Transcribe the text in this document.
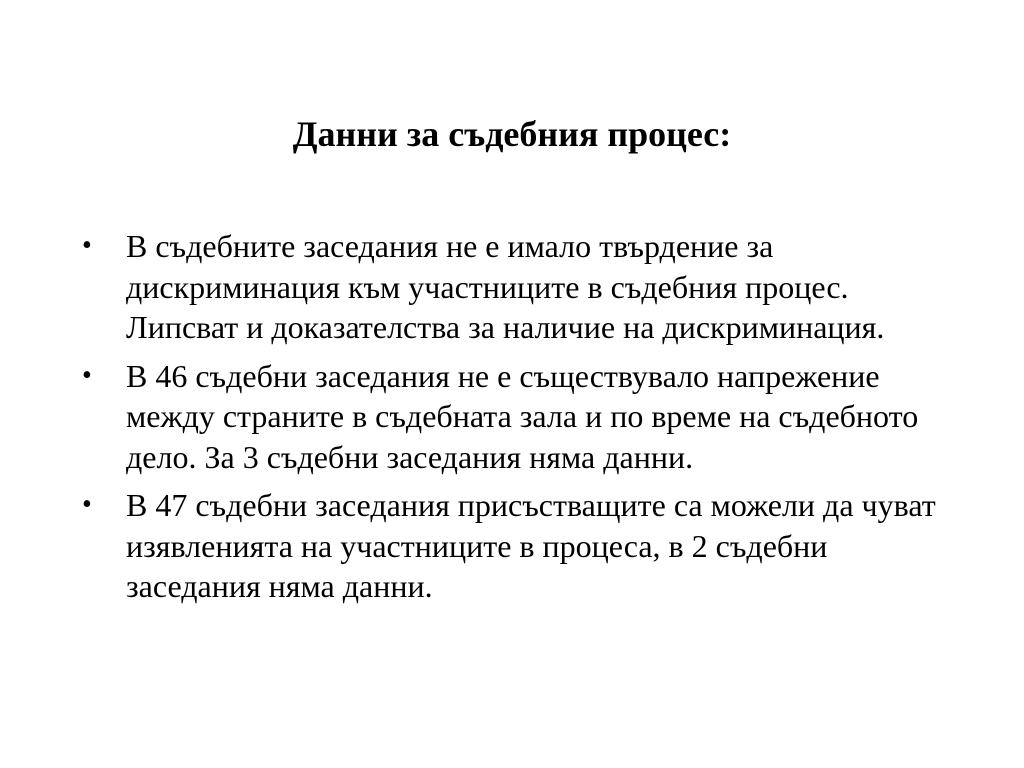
Данни за съдебния процес:
• В съдебните заседания не е имало твърдение за дискриминация към участниците в съдебния процес. Липсват и доказателства за наличие на дискриминация.
• В 46 съдебни заседания не е съществувало напрежение между страните в съдебната зала и по време на съдебното дело. За 3 съдебни заседания няма данни.
• В 47 съдебни заседания присъстващите са можели да чуват изявленията на участниците в процеса, в 2 съдебни заседания няма данни.
